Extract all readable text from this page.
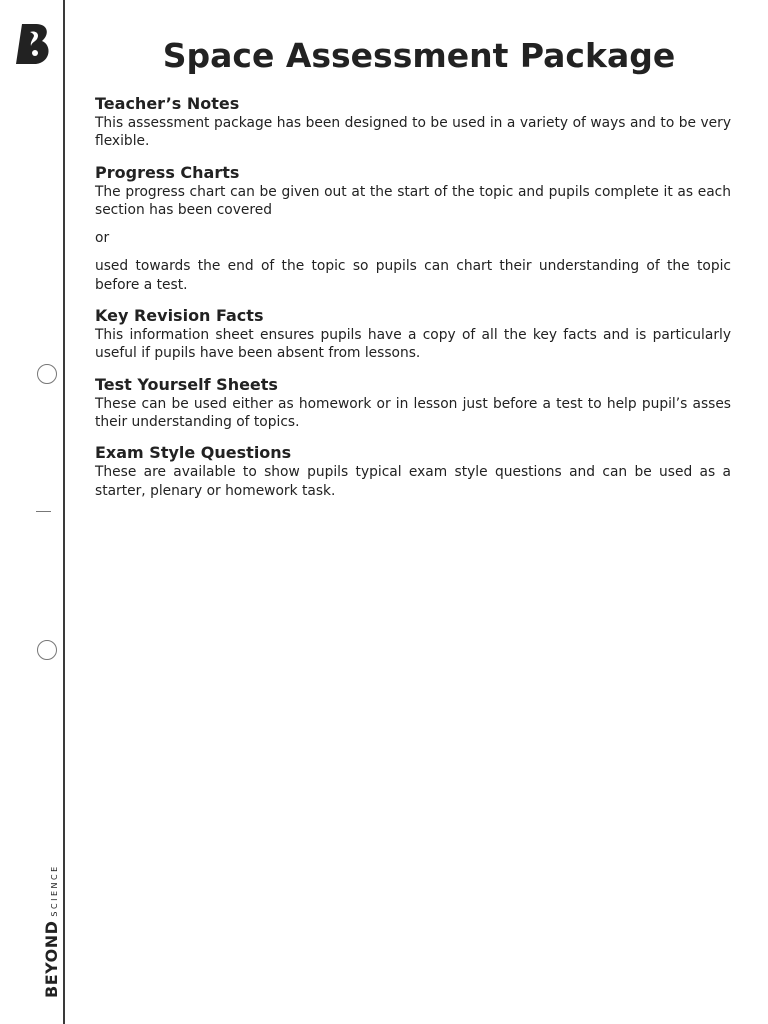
BEYONDSCIENCE
Space Assessment Package
Teacher’s Notes

This assessment package has been designed to be used in a variety of ways and to be very flexible.

Progress Charts

The progress chart can be given out at the start of the topic and pupils complete it as each section has been covered

or

used towards the end of the topic so pupils can chart their understanding of the topic before a test.

Key Revision Facts

This information sheet ensures pupils have a copy of all the key facts and is particularly useful if pupils have been absent from lessons.

Test Yourself Sheets

These can be used either as homework or in lesson just before a test to help pupil’s asses their understanding of topics.

Exam Style Questions

These are available to show pupils typical exam style questions and can be used as a starter, plenary or homework task.
